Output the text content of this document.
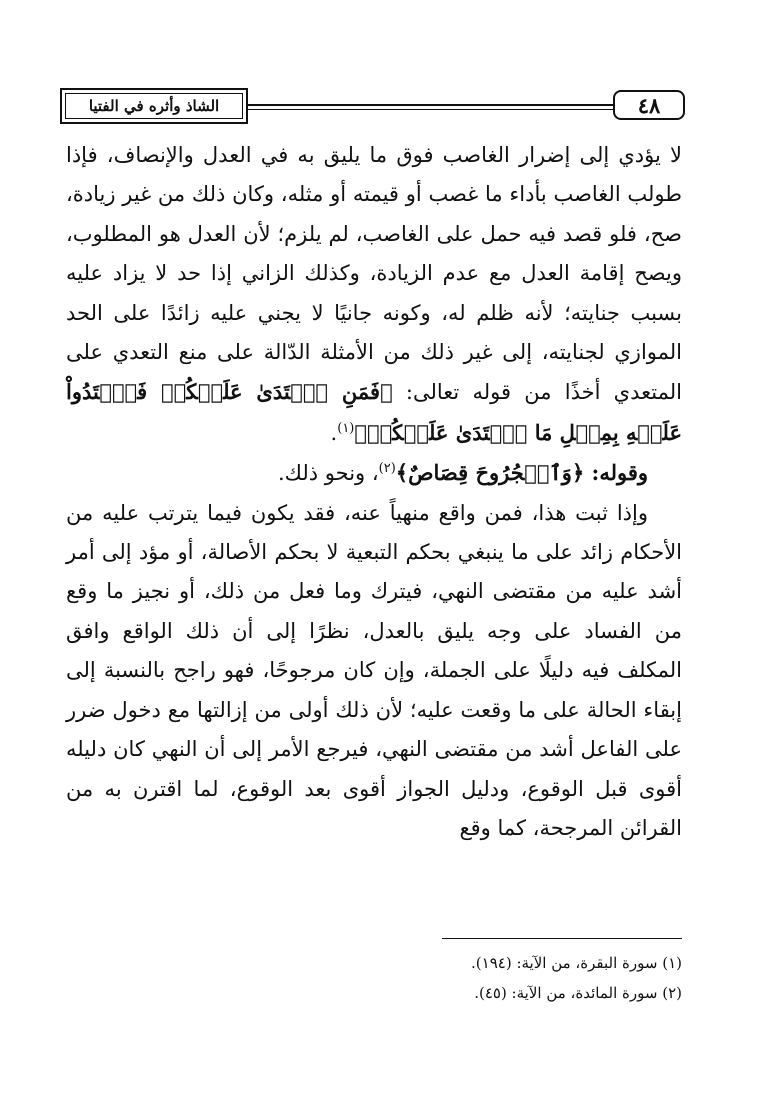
الشاذ وأثره في الفتيا	٤٨

لا يؤدي إلى إضرار الغاصب فوق ما يليق به في العدل والإنصاف، فإذا طولب الغاصب بأداء ما غصب أو قيمته أو مثله، وكان ذلك من غير زيادة، صح، فلو قصد فيه حمل على الغاصب، لم يلزم؛ لأن العدل هو المطلوب، ويصح إقامة العدل مع عدم الزيادة، وكذلك الزاني إذا حد لا يزاد عليه بسبب جنايته؛ لأنه ظلم له، وكونه جانيًا لا يجني عليه زائدًا على الحد الموازي لجنايته، إلى غير ذلك من الأمثلة الدّالة على منع التعدي على المتعدي أخذًا من قوله تعالى: ﴿فَمَنِ ٱعۡتَدَىٰ عَلَيۡكُمۡ فَٱعۡتَدُواْ عَلَيۡهِ بِمِثۡلِ مَا ٱعۡتَدَىٰ عَلَيۡكُمۡ﴾$^{(١)}$.

وقوله: ﴿وَٱلۡجُرُوحَ قِصَاصٌ﴾$^{(٢)}$، ونحو ذلك.

وإذا ثبت هذا، فمن واقع منهياً عنه، فقد يكون فيما يترتب عليه من الأحكام زائد على ما ينبغي بحكم التبعية لا بحكم الأصالة، أو مؤد إلى أمر أشد عليه من مقتضى النهي، فيترك وما فعل من ذلك، أو نجيز ما وقع من الفساد على وجه يليق بالعدل، نظرًا إلى أن ذلك الواقع وافق المكلف فيه دليلًا على الجملة، وإن كان مرجوحًا، فهو راجح بالنسبة إلى إبقاء الحالة على ما وقعت عليه؛ لأن ذلك أولى من إزالتها مع دخول ضرر على الفاعل أشد من مقتضى النهي، فيرجع الأمر إلى أن النهي كان دليله أقوى قبل الوقوع، ودليل الجواز أقوى بعد الوقوع، لما اقترن به من القرائن المرجحة، كما وقع

(١) سورة البقرة، من الآية: (١٩٤).
(٢) سورة المائدة، من الآية: (٤٥).
